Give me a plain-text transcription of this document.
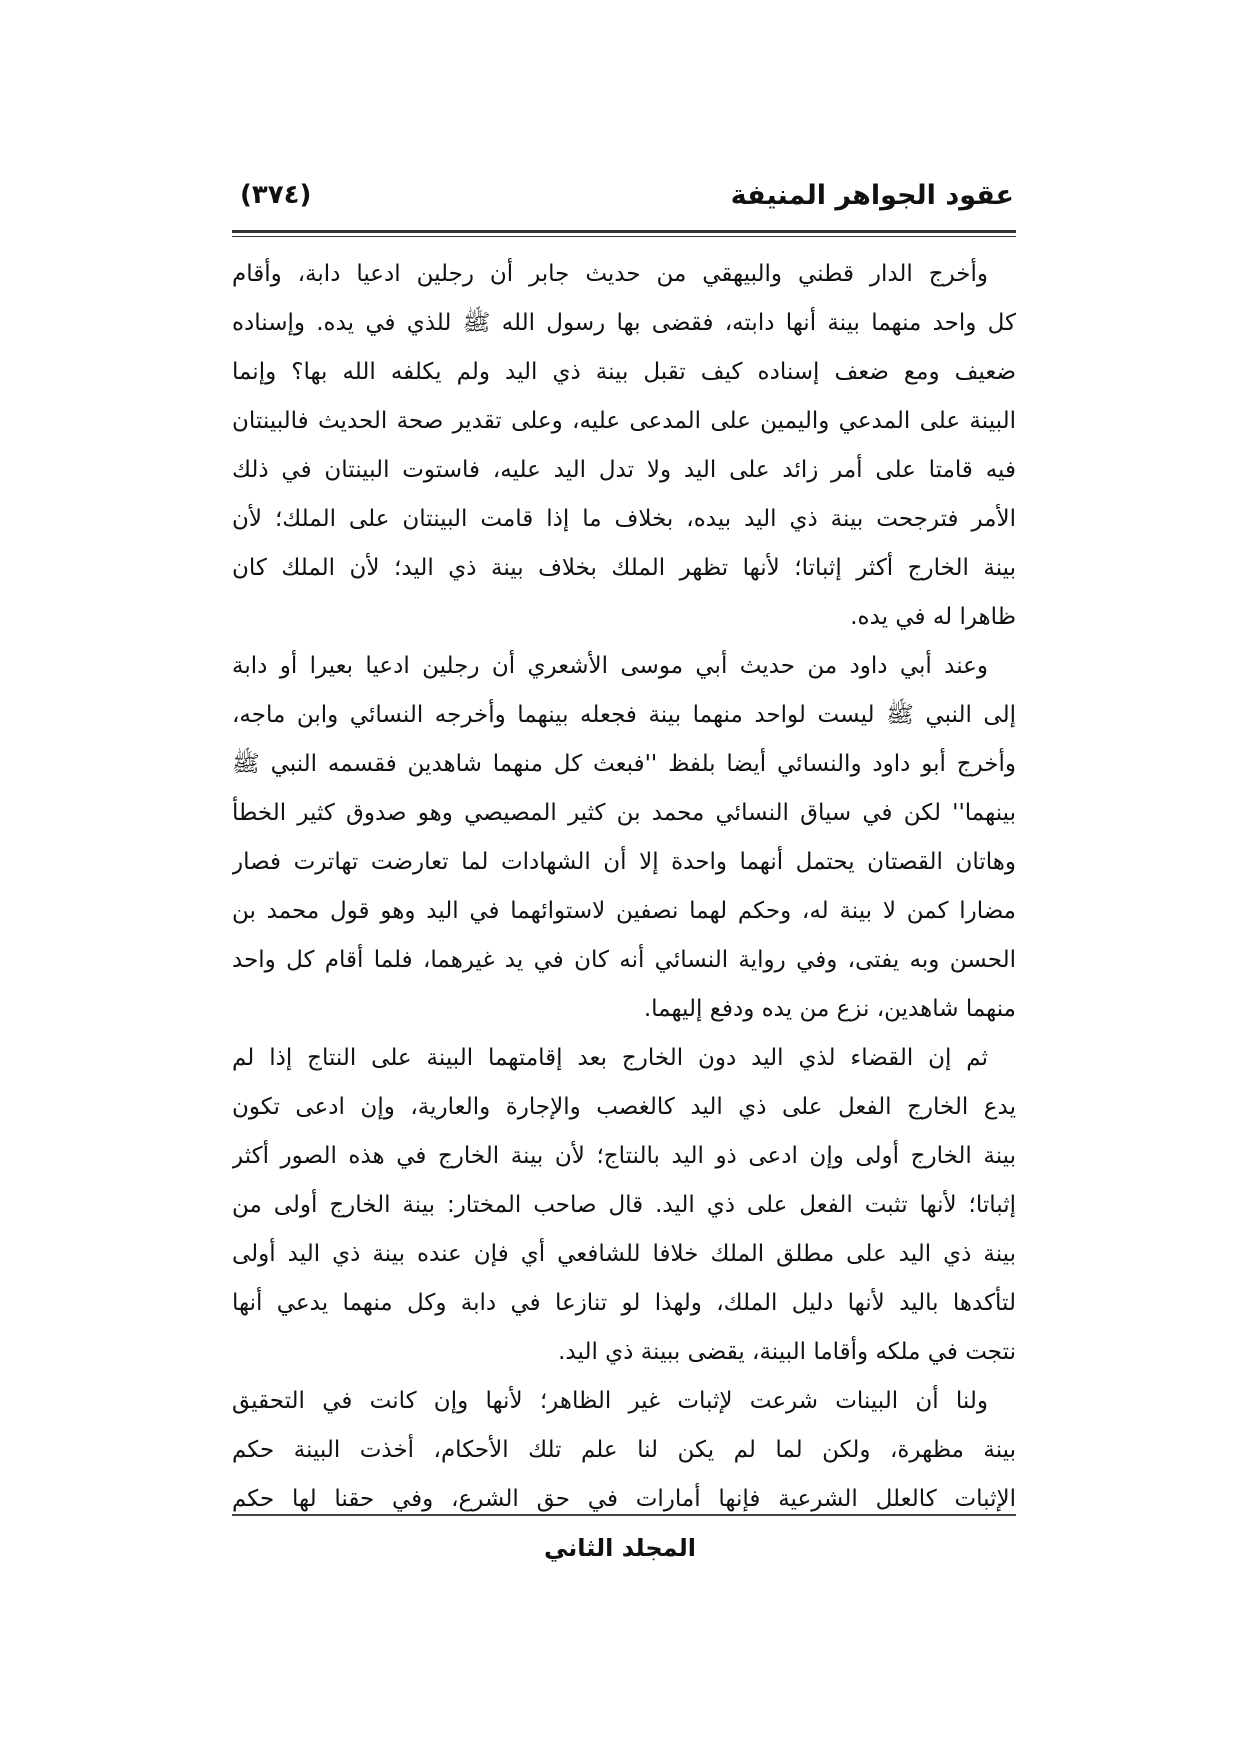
عقود الجواهر المنيفة
(٣٧٤)
وأخرج الدار قطني والبيهقي من حديث جابر أن رجلين ادعيا دابة، وأقام
كل واحد منهما بينة أنها دابته، فقضى بها رسول الله ﷺ للذي في يده. وإسناده
ضعيف ومع ضعف إسناده كيف تقبل بينة ذي اليد ولم يكلفه الله بها؟ وإنما
البينة على المدعي واليمين على المدعى عليه، وعلى تقدير صحة الحديث فالبينتان
فيه قامتا على أمر زائد على اليد ولا تدل اليد عليه، فاستوت البينتان في ذلك
الأمر فترجحت بينة ذي اليد بيده، بخلاف ما إذا قامت البينتان على الملك؛ لأن
بينة الخارج أكثر إثباتا؛ لأنها تظهر الملك بخلاف بينة ذي اليد؛ لأن الملك كان
ظاهرا له في يده.
وعند أبي داود من حديث أبي موسى الأشعري أن رجلين ادعيا بعيرا أو دابة
إلى النبي ﷺ ليست لواحد منهما بينة فجعله بينهما وأخرجه النسائي وابن ماجه،
وأخرج أبو داود والنسائي أيضا بلفظ ''فبعث كل منهما شاهدين فقسمه النبي ﷺ
بينهما'' لكن في سياق النسائي محمد بن كثير المصيصي وهو صدوق كثير الخطأ
وهاتان القصتان يحتمل أنهما واحدة إلا أن الشهادات لما تعارضت تهاترت فصار
مضارا كمن لا بينة له، وحكم لهما نصفين لاستوائهما في اليد وهو قول محمد بن
الحسن وبه يفتى، وفي رواية النسائي أنه كان في يد غيرهما، فلما أقام كل واحد
منهما شاهدين، نزع من يده ودفع إليهما.
ثم إن القضاء لذي اليد دون الخارج بعد إقامتهما البينة على النتاج إذا لم
يدع الخارج الفعل على ذي اليد كالغصب والإجارة والعارية، وإن ادعى تكون
بينة الخارج أولى وإن ادعى ذو اليد بالنتاج؛ لأن بينة الخارج في هذه الصور أكثر
إثباتا؛ لأنها تثبت الفعل على ذي اليد. قال صاحب المختار: بينة الخارج أولى من
بينة ذي اليد على مطلق الملك خلافا للشافعي أي فإن عنده بينة ذي اليد أولى
لتأكدها باليد لأنها دليل الملك، ولهذا لو تنازعا في دابة وكل منهما يدعي أنها
نتجت في ملكه وأقاما البينة، يقضى ببينة ذي اليد.
ولنا أن البينات شرعت لإثبات غير الظاهر؛ لأنها وإن كانت في التحقيق
بينة مظهرة، ولكن لما لم يكن لنا علم تلك الأحكام، أخذت البينة حكم
الإثبات كالعلل الشرعية فإنها أمارات في حق الشرع، وفي حقنا لها حكم
المجلد الثاني
